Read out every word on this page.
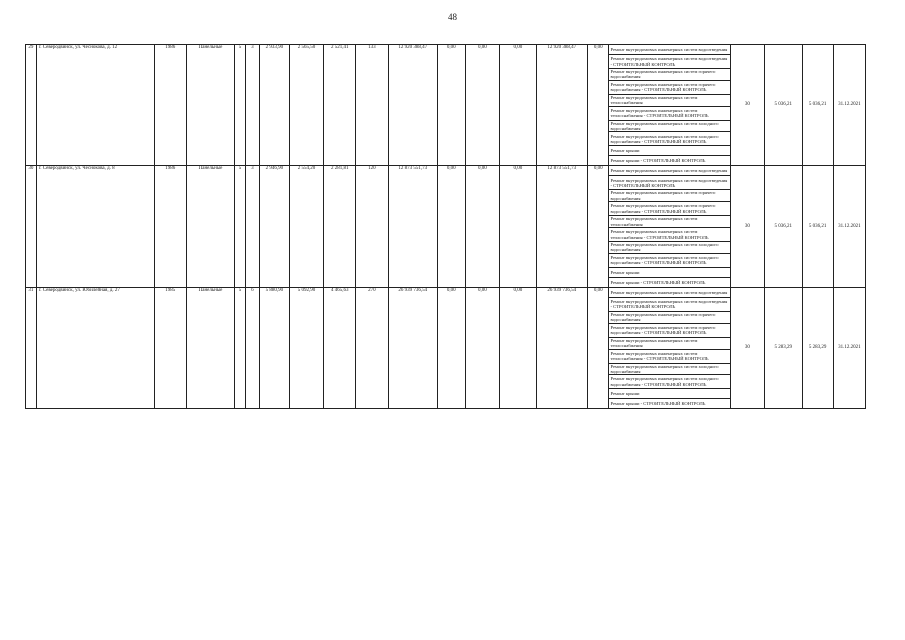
48
29	г. Северодвинск, ул. Чеснокова, д. 12	1986	Панельные	5	3	2 933,90	2 565,50	2 521,41	133	12 920 388,47	0,00	0,00	0,00	12 920 388,47	0,00	Ремонт внутридомовых инженерных систем водоотведения	30	5 036,21	5 036,21	31.12.2021
																Ремонт внутридомовых инженерных систем водоотведения - СТРОИТЕЛЬНЫЙ КОНТРОЛЬ				
																Ремонт внутридомовых инженерных систем горячего водоснабжения				
																Ремонт внутридомовых инженерных систем горячего водоснабжения - СТРОИТЕЛЬНЫЙ КОНТРОЛЬ				
																Ремонт внутридомовых инженерных систем теплоснабжения				
																Ремонт внутридомовых инженерных систем теплоснабжения - СТРОИТЕЛЬНЫЙ КОНТРОЛЬ				
																Ремонт внутридомовых инженерных систем холодного водоснабжения				
																Ремонт внутридомовых инженерных систем холодного водоснабжения - СТРОИТЕЛЬНЫЙ КОНТРОЛЬ				
																Ремонт крыши				
																Ремонт крыши - СТРОИТЕЛЬНЫЙ КОНТРОЛЬ				
30	г. Северодвинск, ул. Чеснокова, д. 8	1986	Панельные	5	3	2 946,90	2 554,20	2 281,81	120	12 873 551,73	0,00	0,00	0,00	12 873 551,73	0,00	Ремонт внутридомовых инженерных систем водоотведения	30	5 036,21	5 036,21	31.12.2021
																Ремонт внутридомовых инженерных систем водоотведения - СТРОИТЕЛЬНЫЙ КОНТРОЛЬ				
																Ремонт внутридомовых инженерных систем горячего водоснабжения				
																Ремонт внутридомовых инженерных систем горячего водоснабжения - СТРОИТЕЛЬНЫЙ КОНТРОЛЬ				
																Ремонт внутридомовых инженерных систем теплоснабжения				
																Ремонт внутридомовых инженерных систем теплоснабжения - СТРОИТЕЛЬНЫЙ КОНТРОЛЬ				
																Ремонт внутридомовых инженерных систем холодного водоснабжения				
																Ремонт внутридомовых инженерных систем холодного водоснабжения - СТРОИТЕЛЬНЫЙ КОНТРОЛЬ				
																Ремонт крыши				
																Ремонт крыши - СТРОИТЕЛЬНЫЙ КОНТРОЛЬ				
31	г. Северодвинск, ул. Юбилейная, д. 27	1985	Панельные	5	6	5 880,90	5 092,90	4 465,63	270	26 939 736,54	0,00	0,00	0,00	26 939 736,54	0,00	Ремонт внутридомовых инженерных систем водоотведения	30	5 283,29	5 283,29	31.12.2021
																Ремонт внутридомовых инженерных систем водоотведения - СТРОИТЕЛЬНЫЙ КОНТРОЛЬ				
																Ремонт внутридомовых инженерных систем горячего водоснабжения				
																Ремонт внутридомовых инженерных систем горячего водоснабжения - СТРОИТЕЛЬНЫЙ КОНТРОЛЬ				
																Ремонт внутридомовых инженерных систем теплоснабжения				
																Ремонт внутридомовых инженерных систем теплоснабжения - СТРОИТЕЛЬНЫЙ КОНТРОЛЬ				
																Ремонт внутридомовых инженерных систем холодного водоснабжения				
																Ремонт внутридомовых инженерных систем холодного водоснабжения - СТРОИТЕЛЬНЫЙ КОНТРОЛЬ				
																Ремонт крыши				
																Ремонт крыши - СТРОИТЕЛЬНЫЙ КОНТРОЛЬ				
